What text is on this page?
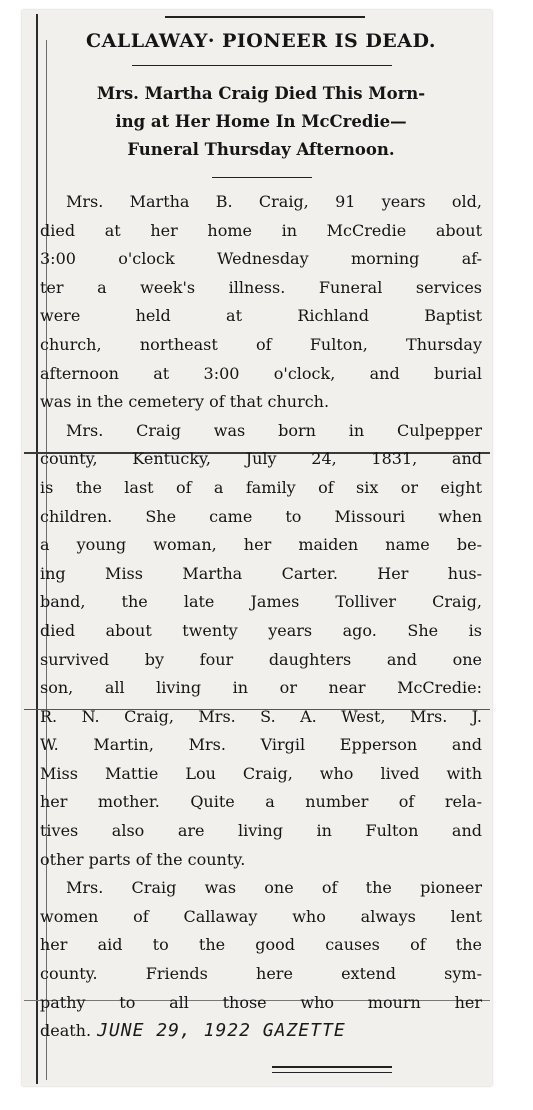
CALLAWAY· PIONEER IS DEAD.
Mrs. Martha Craig Died This Morn-
ing at Her Home In McCredie—
Funeral Thursday Afternoon.
Mrs. Martha B. Craig, 91 years old,
died at her home in McCredie about
3:00 o'clock Wednesday morning af-
ter a week's illness. Funeral services
were held at Richland Baptist
church, northeast of Fulton, Thursday
afternoon at 3:00 o'clock, and burial
was in the cemetery of that church.
Mrs. Craig was born in Culpepper
county, Kentucky, July 24, 1831, and
is the last of a family of six or eight
children. She came to Missouri when
a young woman, her maiden name be-
ing Miss Martha Carter. Her hus-
band, the late James Tolliver Craig,
died about twenty years ago. She is
survived by four daughters and one
son, all living in or near McCredie:
R. N. Craig, Mrs. S. A. West, Mrs. J.
W. Martin, Mrs. Virgil Epperson and
Miss Mattie Lou Craig, who lived with
her mother. Quite a number of rela-
tives also are living in Fulton and
other parts of the county.
Mrs. Craig was one of the pioneer
women of Callaway who always lent
her aid to the good causes of the
county. Friends here extend sym-
pathy to all those who mourn her
death. JUNE 29, 1922 GAZETTE
